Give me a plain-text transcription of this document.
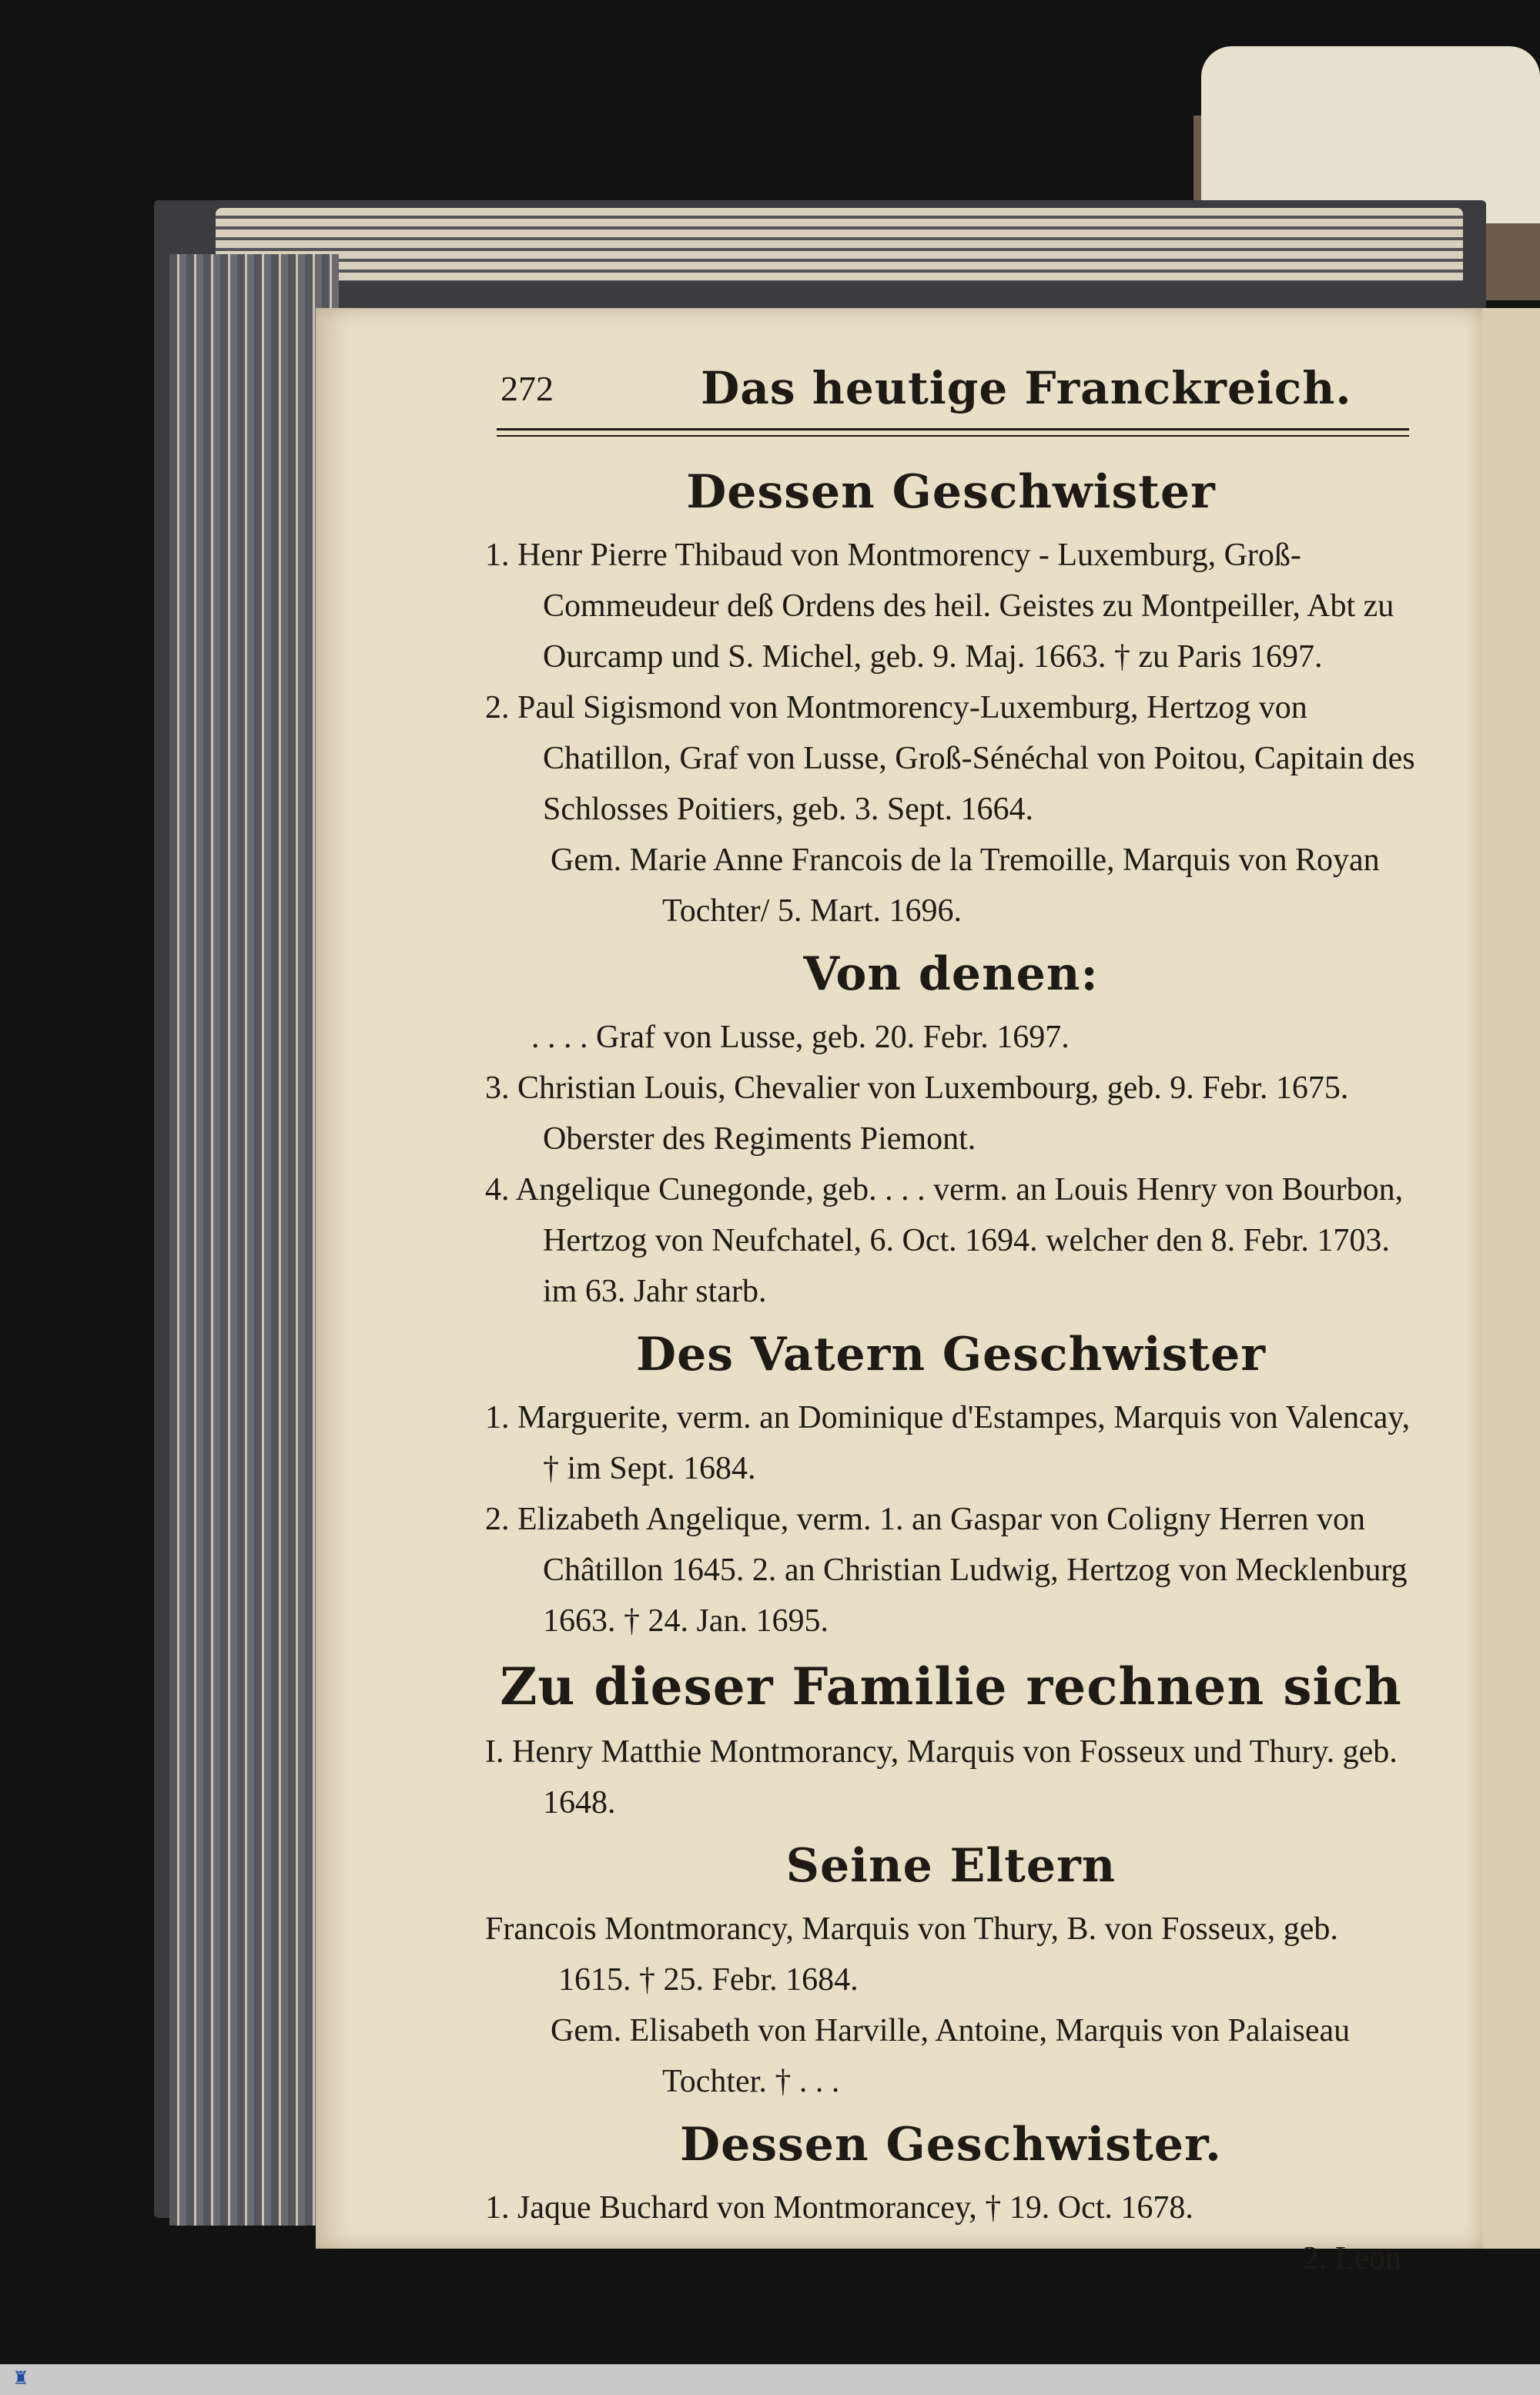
272	Das heutige Franckreich.
Dessen Geschwister
1. Henr Pierre Thibaud von Montmorency - Luxemburg, Groß-Commeudeur deß Ordens des heil. Geistes zu Montpeiller, Abt zu Ourcamp und S. Michel, geb. 9. Maj. 1663. † zu Paris 1697.
2. Paul Sigismond von Montmorency-Luxemburg, Hertzog von Chatillon, Graf von Lusse, Groß-Sénéchal von Poitou, Capitain des Schlosses Poitiers, geb. 3. Sept. 1664.
Gem. Marie Anne Francois de la Tremoille, Marquis von Royan Tochter/ 5. Mart. 1696.
Von denen:
. . . . Graf von Lusse, geb. 20. Febr. 1697.
3. Christian Louis, Chevalier von Luxembourg, geb. 9. Febr. 1675. Oberster des Regiments Piemont.
4. Angelique Cunegonde, geb. . . . verm. an Louis Henry von Bourbon, Hertzog von Neufchatel, 6. Oct. 1694. welcher den 8. Febr. 1703. im 63. Jahr starb.
Des Vatern Geschwister
1. Marguerite, verm. an Dominique d'Estampes, Marquis von Valencay, † im Sept. 1684.
2. Elizabeth Angelique, verm. 1. an Gaspar von Coligny Herren von Châtillon 1645. 2. an Christian Ludwig, Hertzog von Mecklenburg 1663. † 24. Jan. 1695.
Zu dieser Familie rechnen sich
I. Henry Matthie Montmorancy, Marquis von Fosseux und Thury. geb. 1648.
Seine Eltern
Francois Montmorancy, Marquis von Thury, B. von Fosseux, geb. 1615. † 25. Febr. 1684.
Gem. Elisabeth von Harville, Antoine, Marquis von Palaiseau Tochter. † . . .
Dessen Geschwister.
1. Jaque Buchard von Montmorancey, † 19. Oct. 1678.
2. Leon
♜
